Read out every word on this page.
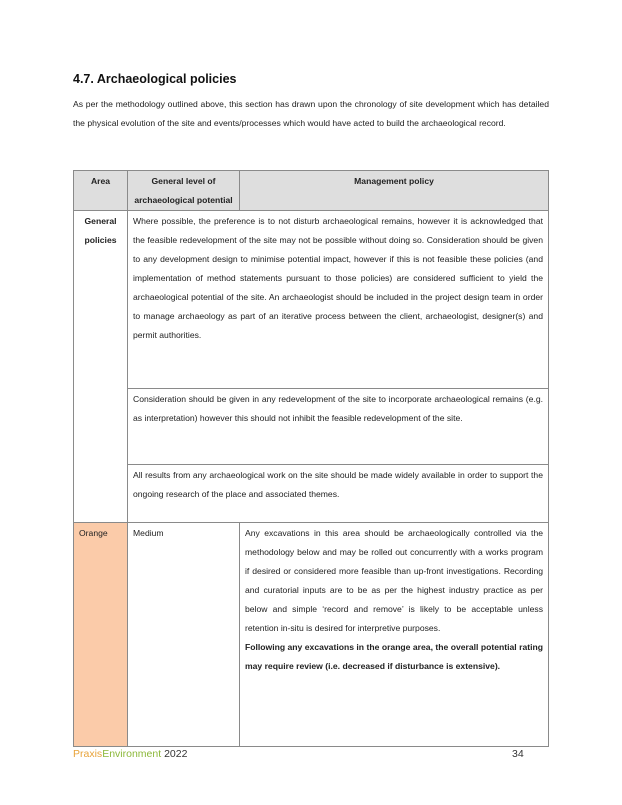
4.7. Archaeological policies
As per the methodology outlined above, this section has drawn upon the chronology of site development which has detailed the physical evolution of the site and events/processes which would have acted to build the archaeological record.
Area	General level of archaeological potential	Management policy
General policies	Where possible, the preference is to not disturb archaeological remains, however it is acknowledged that the feasible redevelopment of the site may not be possible without doing so. Consideration should be given to any development design to minimise potential impact, however if this is not feasible these policies (and implementation of method statements pursuant to those policies) are considered sufficient to yield the archaeological potential of the site. An archaeologist should be included in the project design team in order to manage archaeology as part of an iterative process between the client, archaeologist, designer(s) and permit authorities.	
	Consideration should be given in any redevelopment of the site to incorporate archaeological remains (e.g. as interpretation) however this should not inhibit the feasible redevelopment of the site.	
	All results from any archaeological work on the site should be made widely available in order to support the ongoing research of the place and associated themes.	
Orange	Medium	Any excavations in this area should be archaeologically controlled via the methodology below and may be rolled out concurrently with a works program if desired or considered more feasible than up-front investigations. Recording and curatorial inputs are to be as per the highest industry practice as per below and simple ‘record and remove’ is likely to be acceptable unless retention in-situ is desired for interpretive purposes.
Following any excavations in the orange area, the overall potential rating may require review (i.e. decreased if disturbance is extensive).
PraxisEnvironment 2022	34
